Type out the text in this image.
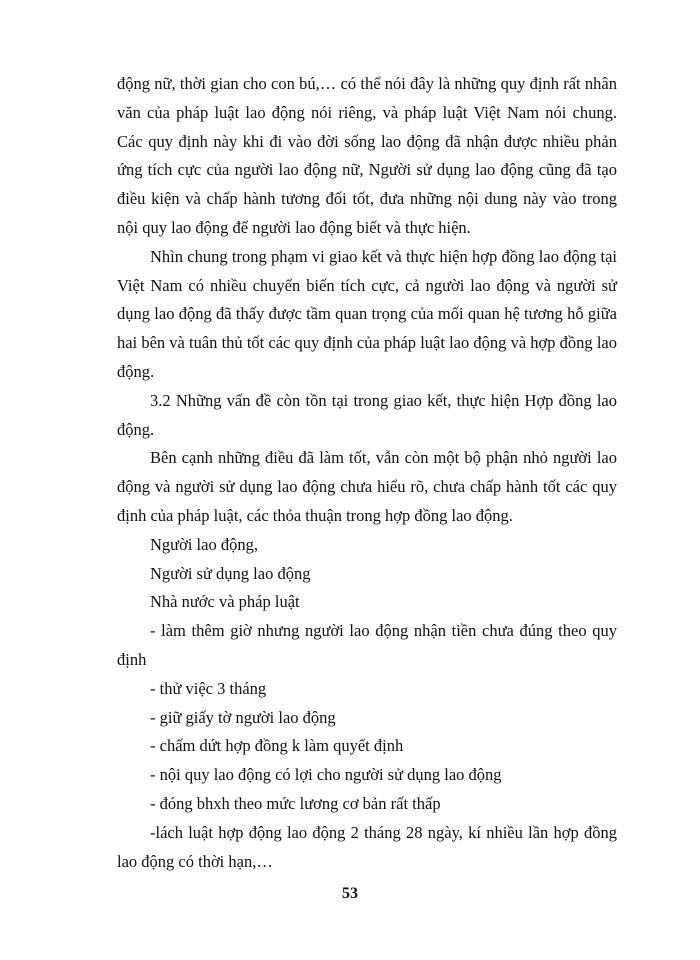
động nữ, thời gian cho con bú,… có thể nói đây là những quy định rất nhân văn của pháp luật lao động nói riêng, và pháp luật Việt Nam nói chung. Các quy định này khi đi vào đời sống lao động đã nhận được nhiều phản ứng tích cực của người lao động nữ, Người sử dụng lao động cũng đã tạo điều kiện và chấp hành tương đối tốt, đưa những nội dung này vào trong nội quy lao động để người lao động biết và thực hiện.

Nhìn chung trong phạm vi giao kết và thực hiện hợp đồng lao động tại Việt Nam có nhiều chuyển biến tích cực, cả người lao động và người sử dụng lao động đã thấy được tầm quan trọng của mối quan hệ tương hỗ giữa hai bên và tuân thủ tốt các quy định của pháp luật lao động và hợp đồng lao động.

3.2 Những vấn đề còn tồn tại trong giao kết, thực hiện Hợp đồng lao động.

Bên cạnh những điều đã làm tốt, vẫn còn một bộ phận nhỏ người lao động và người sử dụng lao động chưa hiểu rõ, chưa chấp hành tốt các quy định của pháp luật, các thỏa thuận trong hợp đồng lao động.

Người lao động,

Người sử dụng lao động

Nhà nước và pháp luật

- làm thêm giờ nhưng người lao động nhận tiền chưa đúng theo quy định

- thử việc 3 tháng

- giữ giấy tờ người lao động

- chấm dứt hợp đồng k làm quyết định

- nội quy lao động có lợi cho người sử dụng lao động

- đóng bhxh theo mức lương cơ bản rất thấp

-lách luật hợp động lao động 2 tháng 28 ngày, kí nhiều lần hợp đồng lao động có thời hạn,…

53
